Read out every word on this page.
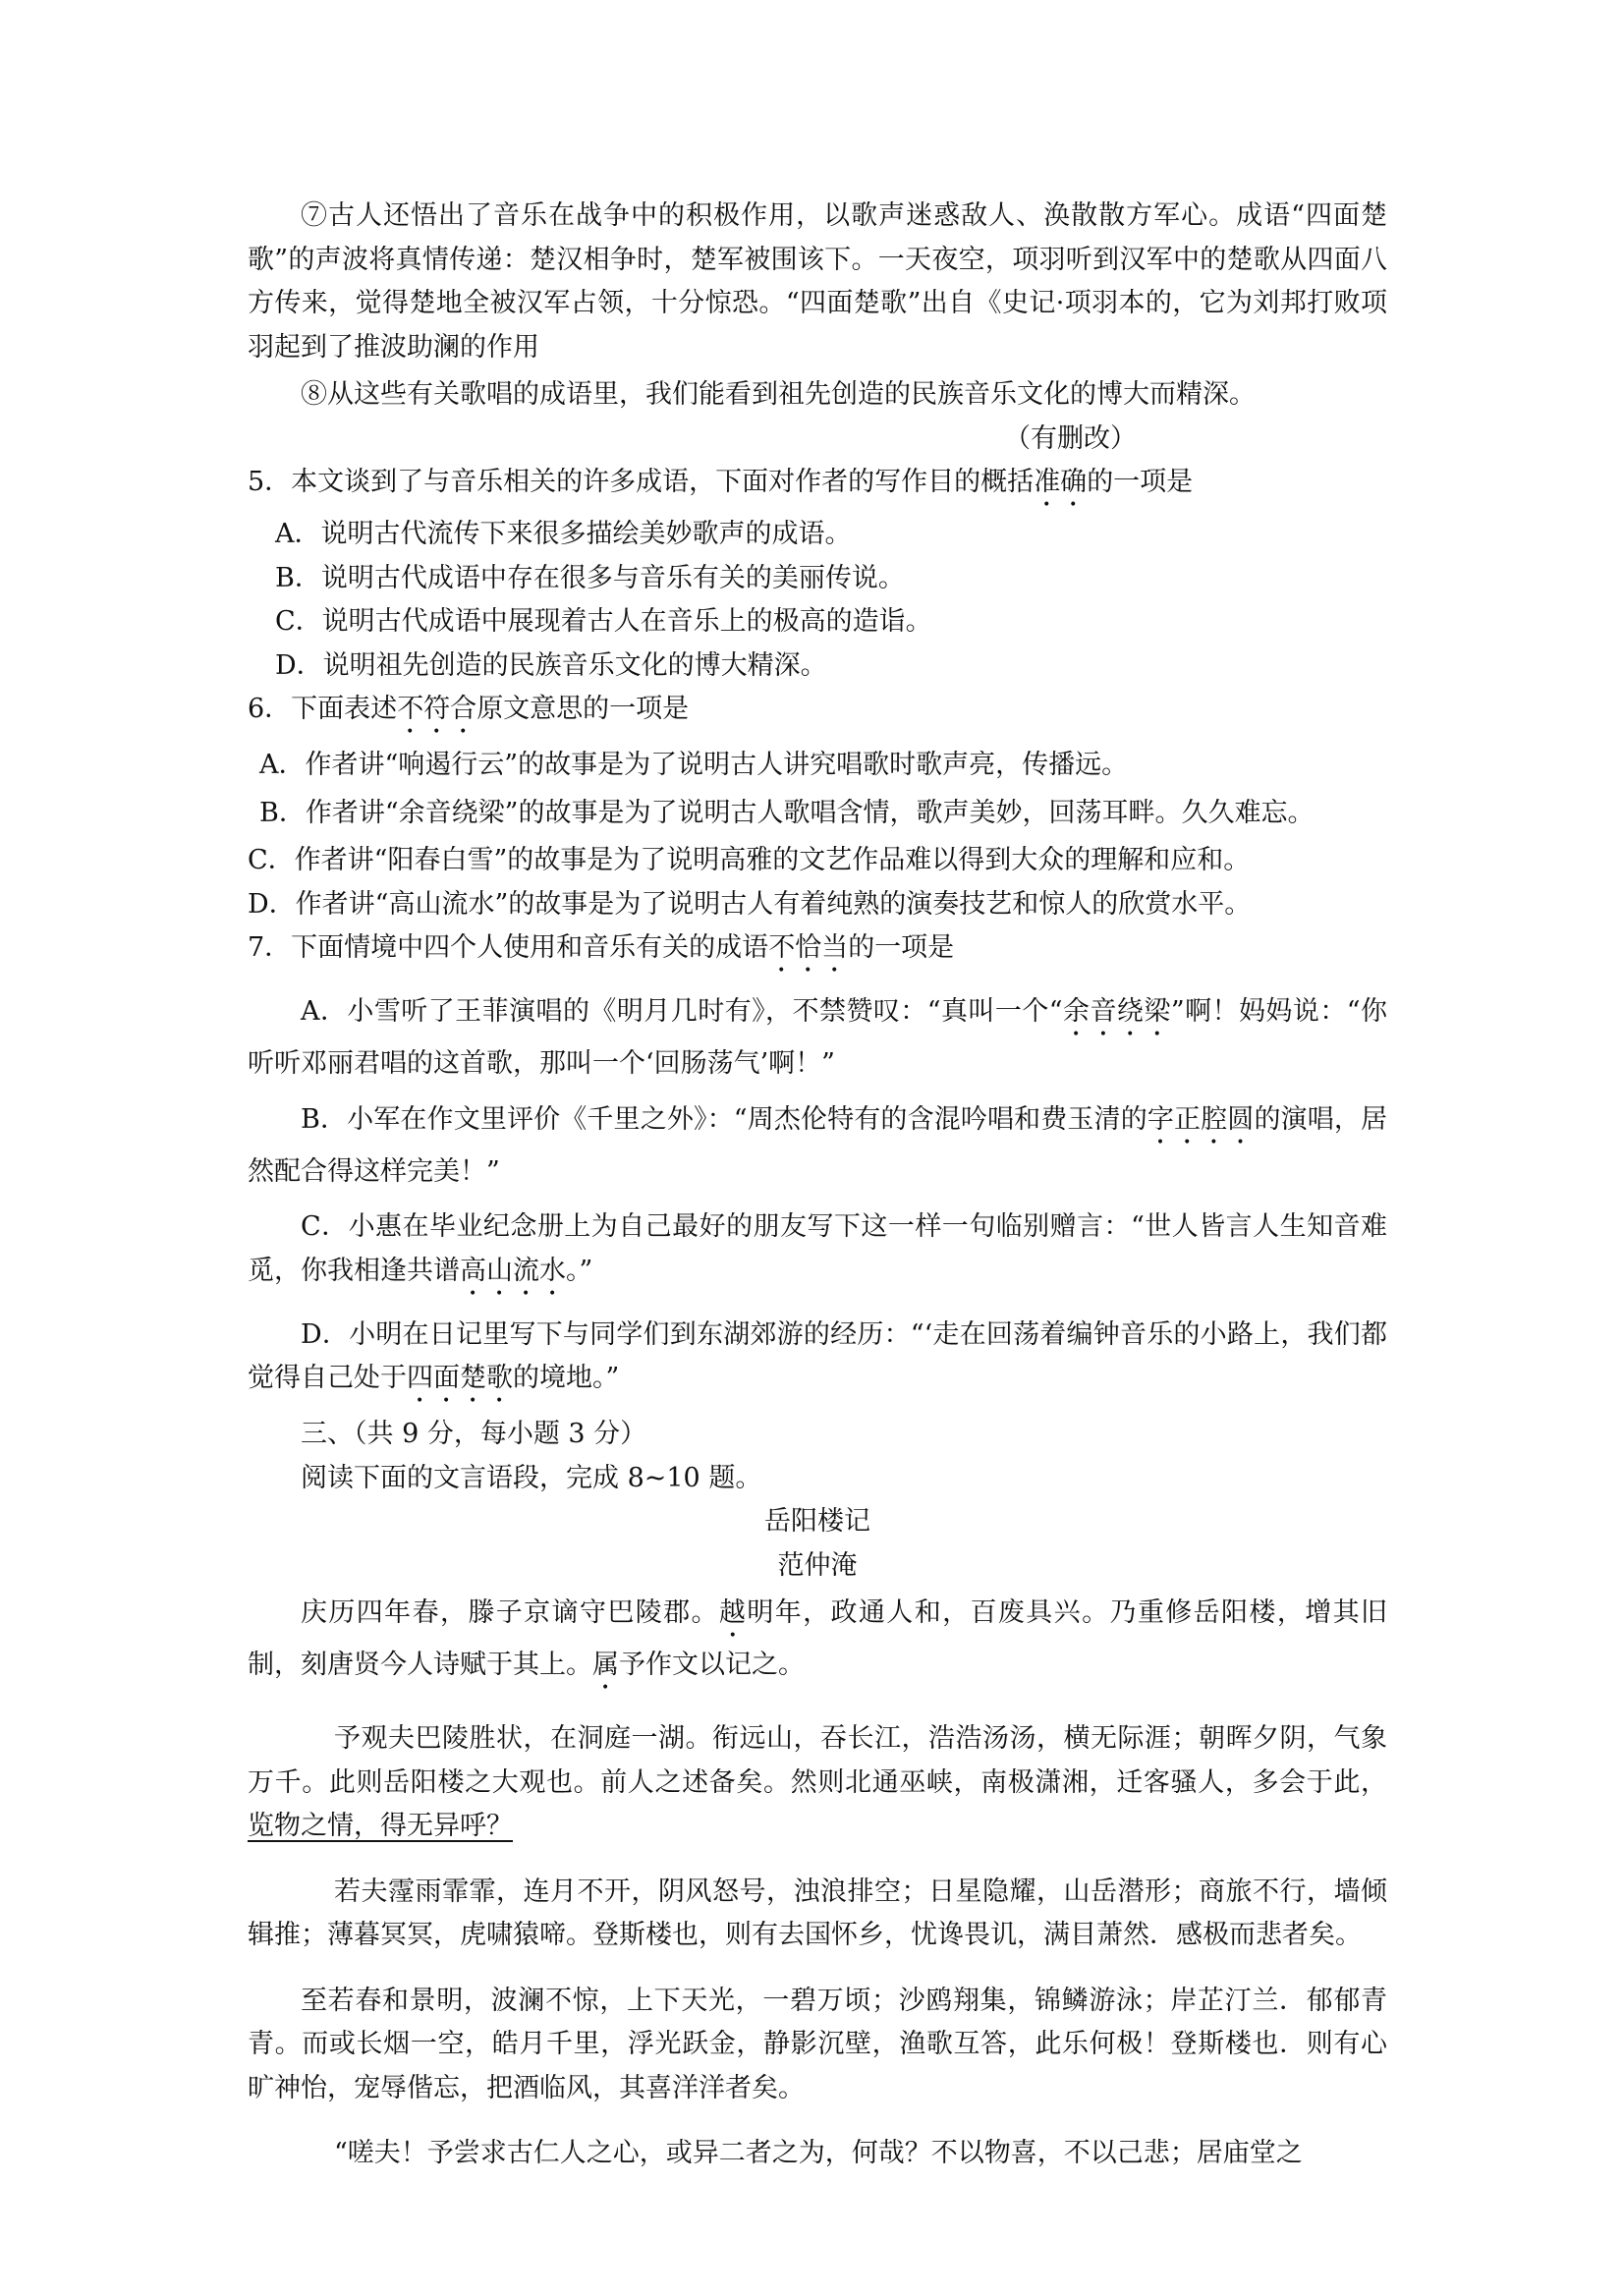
⑦古人还悟出了音乐在战争中的积极作用，以歌声迷惑敌人、涣散散方军心。成语“四面楚歌”的声波将真情传递：楚汉相争时，楚军被围该下。一天夜空，项羽听到汉军中的楚歌从四面八方传来，觉得楚地全被汉军占领，十分惊恐。“四面楚歌”出自《史记·项羽本的，它为刘邦打败项羽起到了推波助澜的作用

⑧从这些有关歌唱的成语里，我们能看到祖先创造的民族音乐文化的博大而精深。

（有删改）

5．本文谈到了与音乐相关的许多成语，下面对作者的写作目的概括准确的一项是

A．说明古代流传下来很多描绘美妙歌声的成语。

B．说明古代成语中存在很多与音乐有关的美丽传说。

C．说明古代成语中展现着古人在音乐上的极高的造诣。

D．说明祖先创造的民族音乐文化的博大精深。

6．下面表述不符合原文意思的一项是

A．作者讲“响遏行云”的故事是为了说明古人讲究唱歌时歌声亮，传播远。

B．作者讲“余音绕梁”的故事是为了说明古人歌唱含情，歌声美妙，回荡耳畔。久久难忘。

C．作者讲“阳春白雪”的故事是为了说明高雅的文艺作品难以得到大众的理解和应和。

D．作者讲“高山流水”的故事是为了说明古人有着纯熟的演奏技艺和惊人的欣赏水平。

7．下面情境中四个人使用和音乐有关的成语不恰当的一项是

A．小雪听了王菲演唱的《明月几时有》，不禁赞叹：“真叫一个“余音绕梁”啊！妈妈说：“你听听邓丽君唱的这首歌，那叫一个‘回肠荡气’啊！”

B．小军在作文里评价《千里之外》：“周杰伦特有的含混吟唱和费玉清的字正腔圆的演唱，居然配合得这样完美！”

C．小惠在毕业纪念册上为自己最好的朋友写下这一样一句临别赠言：“世人皆言人生知音难觅，你我相逢共谱高山流水。”

D．小明在日记里写下与同学们到东湖郊游的经历：“‘走在回荡着编钟音乐的小路上，我们都觉得自己处于四面楚歌的境地。”

三、（共 9 分，每小题 3 分）

阅读下面的文言语段，完成 8~10 题。

岳阳楼记

范仲淹

庆历四年春，滕子京谪守巴陵郡。越明年，政通人和，百废具兴。乃重修岳阳楼，增其旧制，刻唐贤今人诗赋于其上。属予作文以记之。

予观夫巴陵胜状，在洞庭一湖。衔远山，吞长江，浩浩汤汤，横无际涯；朝晖夕阴，气象万千。此则岳阳楼之大观也。前人之述备矣。然则北通巫峡，南极潇湘，迁客骚人，多会于此，览物之情，得无异呼？

若夫霪雨霏霏，连月不开，阴风怒号，浊浪排空；日星隐耀，山岳潜形；商旅不行，墙倾辑推；薄暮冥冥，虎啸猿啼。登斯楼也，则有去国怀乡，忧谗畏讥，满目萧然．感极而悲者矣。

至若春和景明，波澜不惊，上下天光，一碧万顷；沙鸥翔集，锦鳞游泳；岸芷汀兰．郁郁青青。而或长烟一空，皓月千里，浮光跃金，静影沉壁，渔歌互答，此乐何极！登斯楼也．则有心旷神怡，宠辱偕忘，把酒临风，其喜洋洋者矣。

“嗟夫！予尝求古仁人之心，或异二者之为，何哉？不以物喜，不以己悲；居庙堂之
